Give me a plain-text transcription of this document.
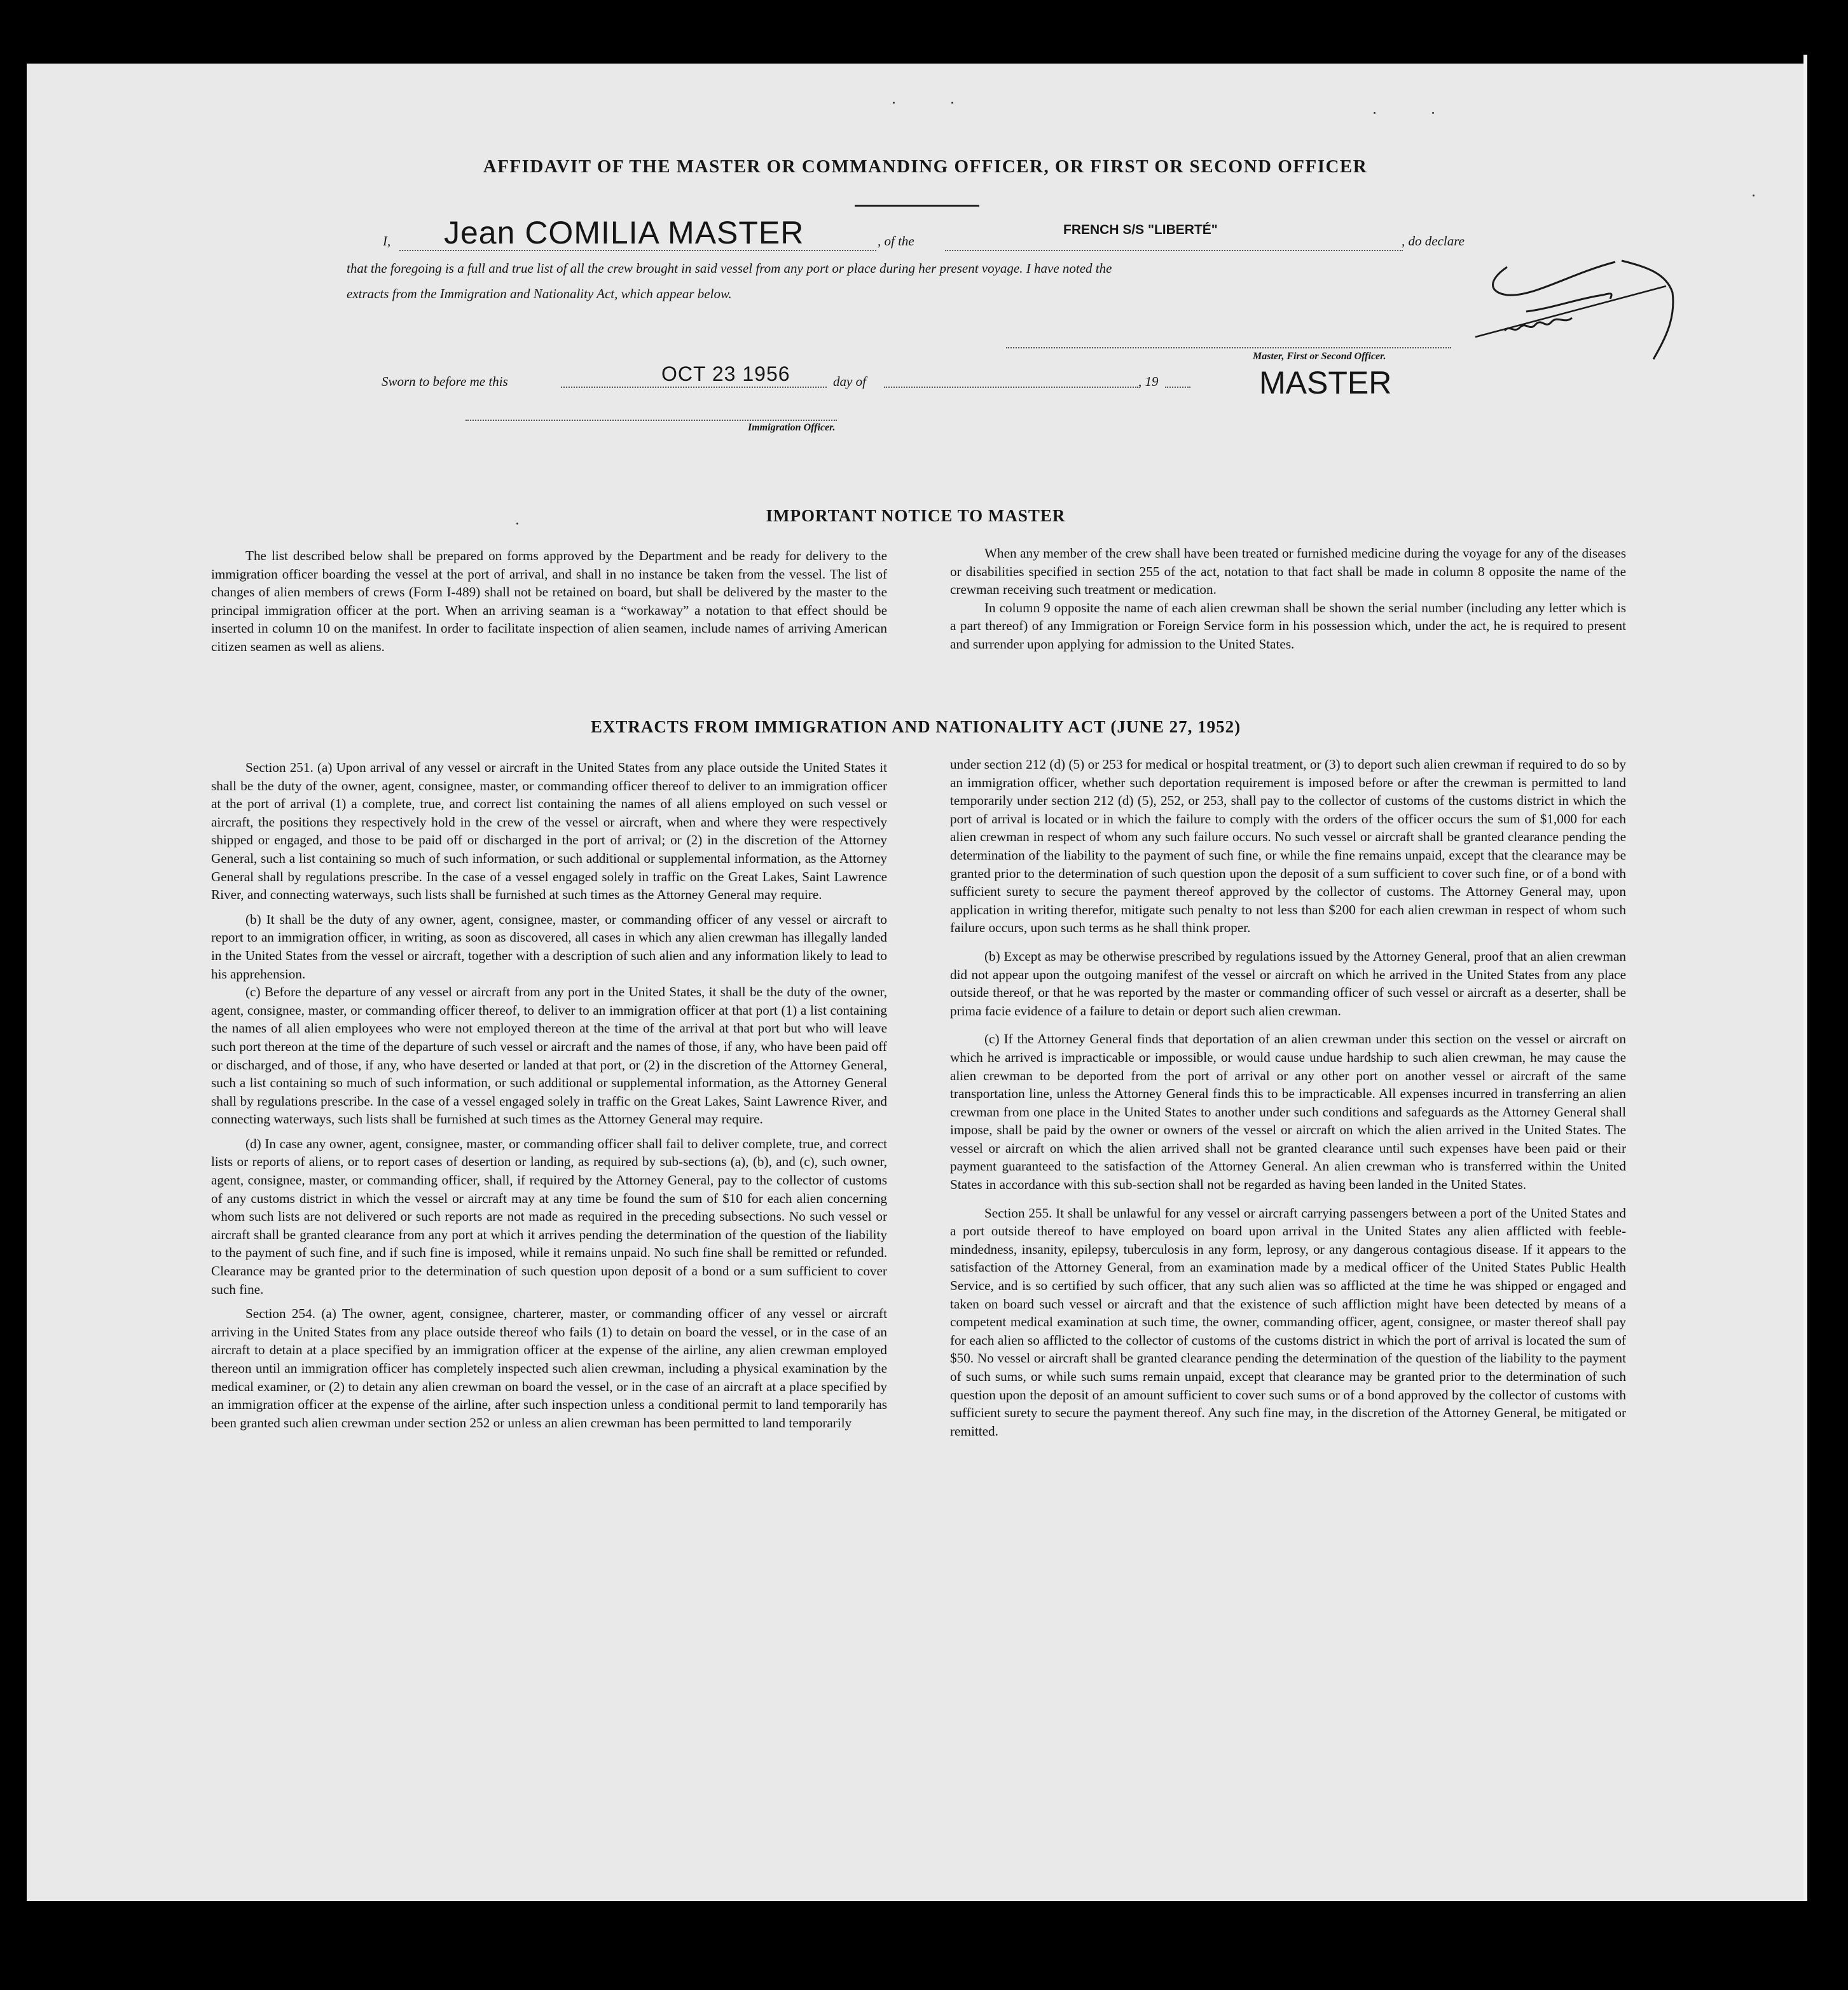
AFFIDAVIT OF THE MASTER OR COMMANDING OFFICER, OR FIRST OR SECOND OFFICER
I, Jean COMILIA MASTER	, of the
FRENCH S/S "LIBERTÉ"
, do declare
that the foregoing is a full and true list of all the crew brought in said vessel from any port or place during her present voyage. I have noted the
extracts from the Immigration and Nationality Act, which appear below.
Master, First or Second Officer.
MASTER
Sworn to before me this	OCT 23 1956	day of	, 19
Immigration Officer.
IMPORTANT NOTICE TO MASTER

The list described below shall be prepared on forms approved by the Department and be ready for delivery to the immigration officer boarding the vessel at the port of arrival, and shall in no instance be taken from the vessel. The list of changes of alien members of crews (Form I-489) shall not be retained on board, but shall be delivered by the master to the principal immigration officer at the port. When an arriving seaman is a “workaway” a notation to that effect should be inserted in column 10 on the manifest. In order to facilitate inspection of alien seamen, include names of arriving American citizen seamen as well as aliens.

When any member of the crew shall have been treated or furnished medicine during the voyage for any of the diseases or disabilities specified in section 255 of the act, notation to that fact shall be made in column 8 opposite the name of the crewman receiving such treatment or medication.

In column 9 opposite the name of each alien crewman shall be shown the serial number (including any letter which is a part thereof) of any Immigration or Foreign Service form in his possession which, under the act, he is required to present and surrender upon applying for admission to the United States.

EXTRACTS FROM IMMIGRATION AND NATIONALITY ACT (JUNE 27, 1952)

Section 251. (a) Upon arrival of any vessel or aircraft in the United States from any place outside the United States it shall be the duty of the owner, agent, consignee, master, or commanding officer thereof to deliver to an immigration officer at the port of arrival (1) a complete, true, and correct list containing the names of all aliens employed on such vessel or aircraft, the positions they respectively hold in the crew of the vessel or aircraft, when and where they were respectively shipped or engaged, and those to be paid off or discharged in the port of arrival; or (2) in the discretion of the Attorney General, such a list containing so much of such information, or such additional or supplemental information, as the Attorney General shall by regulations prescribe. In the case of a vessel engaged solely in traffic on the Great Lakes, Saint Lawrence River, and connecting waterways, such lists shall be furnished at such times as the Attorney General may require.

(b) It shall be the duty of any owner, agent, consignee, master, or commanding officer of any vessel or aircraft to report to an immigration officer, in writing, as soon as discovered, all cases in which any alien crewman has illegally landed in the United States from the vessel or aircraft, together with a description of such alien and any information likely to lead to his apprehension.

(c) Before the departure of any vessel or aircraft from any port in the United States, it shall be the duty of the owner, agent, consignee, master, or commanding officer thereof, to deliver to an immigration officer at that port (1) a list containing the names of all alien employees who were not employed thereon at the time of the arrival at that port but who will leave such port thereon at the time of the departure of such vessel or aircraft and the names of those, if any, who have been paid off or discharged, and of those, if any, who have deserted or landed at that port, or (2) in the discretion of the Attorney General, such a list containing so much of such information, or such additional or supplemental information, as the Attorney General shall by regulations prescribe. In the case of a vessel engaged solely in traffic on the Great Lakes, Saint Lawrence River, and connecting waterways, such lists shall be furnished at such times as the Attorney General may require.

(d) In case any owner, agent, consignee, master, or commanding officer shall fail to deliver complete, true, and correct lists or reports of aliens, or to report cases of desertion or landing, as required by sub-sections (a), (b), and (c), such owner, agent, consignee, master, or commanding officer, shall, if required by the Attorney General, pay to the collector of customs of any customs district in which the vessel or aircraft may at any time be found the sum of $10 for each alien concerning whom such lists are not delivered or such reports are not made as required in the preceding subsections. No such vessel or aircraft shall be granted clearance from any port at which it arrives pending the determination of the question of the liability to the payment of such fine, and if such fine is imposed, while it remains unpaid. No such fine shall be remitted or refunded. Clearance may be granted prior to the determination of such question upon deposit of a bond or a sum sufficient to cover such fine.

Section 254. (a) The owner, agent, consignee, charterer, master, or commanding officer of any vessel or aircraft arriving in the United States from any place outside thereof who fails (1) to detain on board the vessel, or in the case of an aircraft to detain at a place specified by an immigration officer at the expense of the airline, any alien crewman employed thereon until an immigration officer has completely inspected such alien crewman, including a physical examination by the medical examiner, or (2) to detain any alien crewman on board the vessel, or in the case of an aircraft at a place specified by an immigration officer at the expense of the airline, after such inspection unless a conditional permit to land temporarily has been granted such alien crewman under section 252 or unless an alien crewman has been permitted to land temporarily

under section 212 (d) (5) or 253 for medical or hospital treatment, or (3) to deport such alien crewman if required to do so by an immigration officer, whether such deportation requirement is imposed before or after the crewman is permitted to land temporarily under section 212 (d) (5), 252, or 253, shall pay to the collector of customs of the customs district in which the port of arrival is located or in which the failure to comply with the orders of the officer occurs the sum of $1,000 for each alien crewman in respect of whom any such failure occurs. No such vessel or aircraft shall be granted clearance pending the determination of the liability to the payment of such fine, or while the fine remains unpaid, except that the clearance may be granted prior to the determination of such question upon the deposit of a sum sufficient to cover such fine, or of a bond with sufficient surety to secure the payment thereof approved by the collector of customs. The Attorney General may, upon application in writing therefor, mitigate such penalty to not less than $200 for each alien crewman in respect of whom such failure occurs, upon such terms as he shall think proper.

(b) Except as may be otherwise prescribed by regulations issued by the Attorney General, proof that an alien crewman did not appear upon the outgoing manifest of the vessel or aircraft on which he arrived in the United States from any place outside thereof, or that he was reported by the master or commanding officer of such vessel or aircraft as a deserter, shall be prima facie evidence of a failure to detain or deport such alien crewman.

(c) If the Attorney General finds that deportation of an alien crewman under this section on the vessel or aircraft on which he arrived is impracticable or impossible, or would cause undue hardship to such alien crewman, he may cause the alien crewman to be deported from the port of arrival or any other port on another vessel or aircraft of the same transportation line, unless the Attorney General finds this to be impracticable. All expenses incurred in transferring an alien crewman from one place in the United States to another under such conditions and safeguards as the Attorney General shall impose, shall be paid by the owner or owners of the vessel or aircraft on which the alien arrived in the United States. The vessel or aircraft on which the alien arrived shall not be granted clearance until such expenses have been paid or their payment guaranteed to the satisfaction of the Attorney General. An alien crewman who is transferred within the United States in accordance with this sub-section shall not be regarded as having been landed in the United States.

Section 255. It shall be unlawful for any vessel or aircraft carrying passengers between a port of the United States and a port outside thereof to have employed on board upon arrival in the United States any alien afflicted with feeble-mindedness, insanity, epilepsy, tuberculosis in any form, leprosy, or any dangerous contagious disease. If it appears to the satisfaction of the Attorney General, from an examination made by a medical officer of the United States Public Health Service, and is so certified by such officer, that any such alien was so afflicted at the time he was shipped or engaged and taken on board such vessel or aircraft and that the existence of such affliction might have been detected by means of a competent medical examination at such time, the owner, commanding officer, agent, consignee, or master thereof shall pay for each alien so afflicted to the collector of customs of the customs district in which the port of arrival is located the sum of $50. No vessel or aircraft shall be granted clearance pending the determination of the question of the liability to the payment of such sums, or while such sums remain unpaid, except that clearance may be granted prior to the determination of such question upon the deposit of an amount sufficient to cover such sums or of a bond approved by the collector of customs with sufficient surety to secure the payment thereof. Any such fine may, in the discretion of the Attorney General, be mitigated or remitted.
